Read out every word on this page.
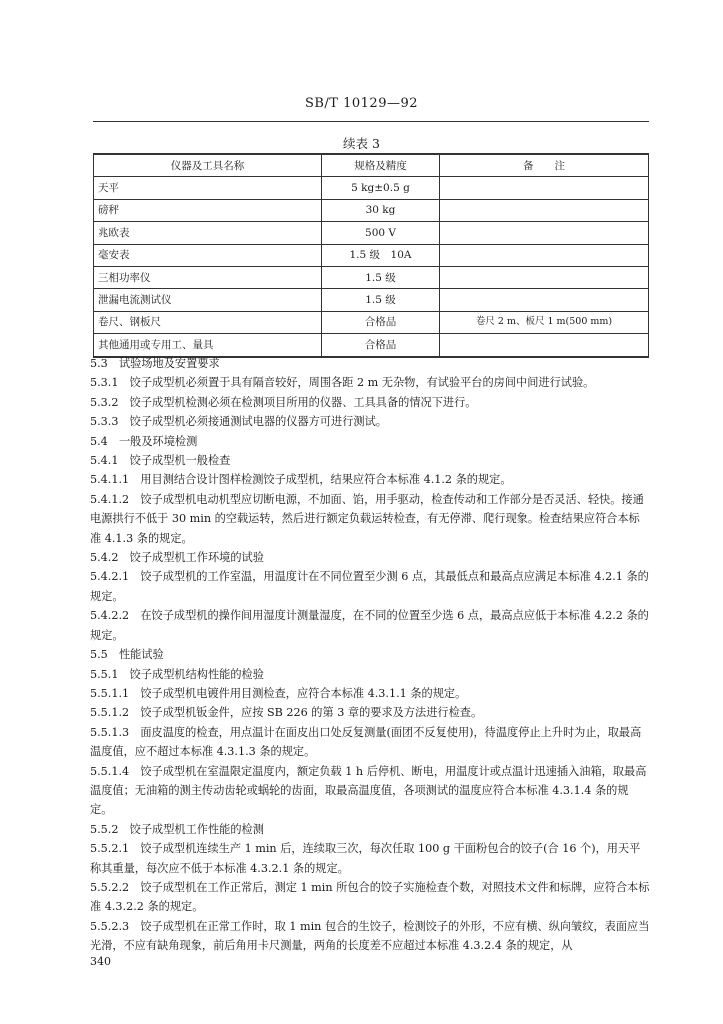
SB/T 10129—92
续表 3
仪器及工具名称	规格及精度	备　　注
天平	5 kg±0.5 g	
磅秤	30 kg	
兆欧表	500 V	
毫安表	1.5 级　10A	
三相功率仪	1.5 级	
泄漏电流测试仪	1.5 级	
卷尺、钢板尺	合格品	卷尺 2 m、板尺 1 m(500 mm)
其他通用或专用工、量具	合格品	

5.3　试验场地及安置要求

5.3.1　饺子成型机必须置于具有隔音较好，周围各距 2 m 无杂物，有试验平台的房间中间进行试验。

5.3.2　饺子成型机检测必须在检测项目所用的仪器、工具具备的情况下进行。

5.3.3　饺子成型机必须接通测试电器的仪器方可进行测试。

5.4　一般及环境检测

5.4.1　饺子成型机一般检查

5.4.1.1　用目测结合设计图样检测饺子成型机，结果应符合本标准 4.1.2 条的规定。

5.4.1.2　饺子成型机电动机型应切断电源，不加面、馅，用手驱动，检查传动和工作部分是否灵活、轻快。接通电源拱行不低于 30 min 的空载运转，然后进行额定负载运转检查，有无停滞、爬行现象。检查结果应符合本标准 4.1.3 条的规定。

5.4.2　饺子成型机工作环境的试验

5.4.2.1　饺子成型机的工作室温，用温度计在不同位置至少测 6 点，其最低点和最高点应满足本标准 4.2.1 条的规定。

5.4.2.2　在饺子成型机的操作间用湿度计测量湿度，在不同的位置至少选 6 点，最高点应低于本标准 4.2.2 条的规定。

5.5　性能试验

5.5.1　饺子成型机结构性能的检验

5.5.1.1　饺子成型机电镀件用目测检查，应符合本标准 4.3.1.1 条的规定。

5.5.1.2　饺子成型机钣金件，应按 SB 226 的第 3 章的要求及方法进行检查。

5.5.1.3　面皮温度的检查，用点温计在面皮出口处反复测量(面团不反复使用)，待温度停止上升时为止，取最高温度值，应不超过本标准 4.3.1.3 条的规定。

5.5.1.4　饺子成型机在室温限定温度内，额定负载 1 h 后停机、断电，用温度计或点温计迅速插入油箱，取最高温度值；无油箱的测主传动齿轮或蜗轮的齿面，取最高温度值，各项测试的温度应符合本标准 4.3.1.4 条的规定。

5.5.2　饺子成型机工作性能的检测

5.5.2.1　饺子成型机连续生产 1 min 后，连续取三次，每次任取 100 g 干面粉包合的饺子(合 16 个)，用天平称其重量，每次应不低于本标准 4.3.2.1 条的规定。

5.5.2.2　饺子成型机在工作正常后，测定 1 min 所包合的饺子实施检查个数，对照技术文件和标牌，应符合本标准 4.3.2.2 条的规定。

5.5.2.3　饺子成型机在正常工作时，取 1 min 包合的生饺子，检测饺子的外形，不应有横、纵向皱纹，表面应当光滑，不应有缺角现象，前后角用卡尺测量，两角的长度差不应超过本标准 4.3.2.4 条的规定，从

340
